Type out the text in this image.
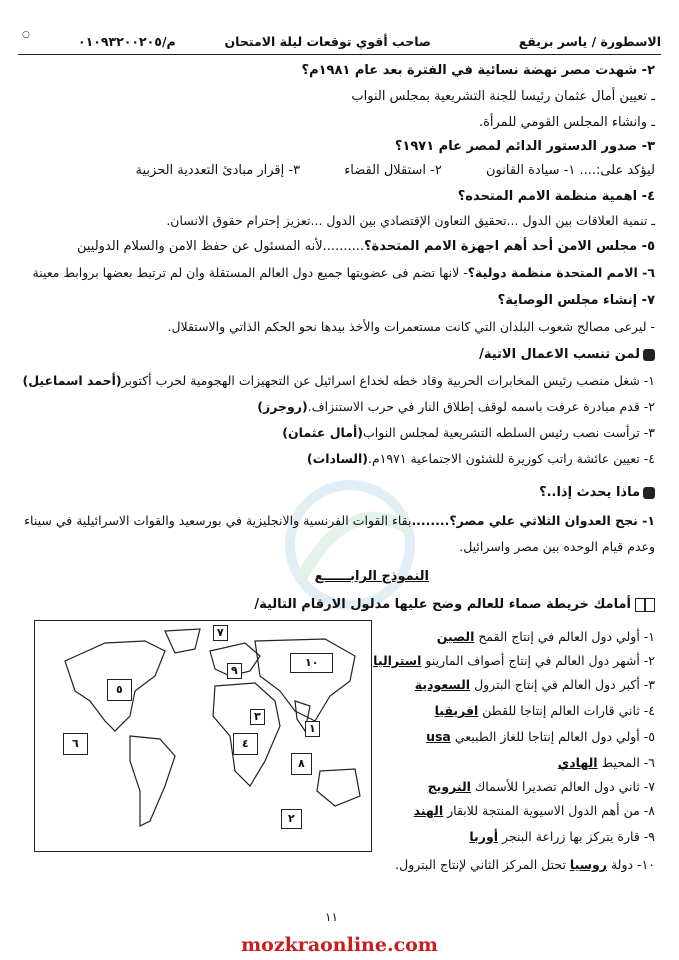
○	الاسطورة / ياسر بريقع
صاحب أقوي توقعات ليلة الامتحان
م/٠١٠٩٣٢٠٠٢٠٥
٢- شهدت مصر نهضة نسائية في الفترة بعد عام ١٩٨١م؟
ـ تعيين أمال عثمان رئيسا للجنة التشريعية بمجلس النواب
ـ وانشاء المجلس القومي للمرأة.
٣- صدور الدستور الدائم لمصر عام ١٩٧١؟
ليؤكد على:.... ١- سيادة القانون ٢- استقلال القضاء ٣- إقرار مبادئ التعددية الحزبية
٤- اهمية منظمة الامم المتحده؟
ـ تنمية العلاقات بين الدول ...تحقيق التعاون الإقتصادي بين الدول ...تعزيز إحترام حقوق الانسان.
٥- مجلس الامن أحد أهم اجهزة الامم المتحدة؟..........لأنه المسئول عن حفظ الامن والسلام الدوليين
٦- الامم المتحدة منظمة دولية؟- لانها تضم فى عضويتها جميع دول العالم المستقلة وان لم ترتبط بعضها بروابط معينة
٧- إنشاء مجلس الوصاية؟
- ليرعى مصالح شعوب البلدان التي كانت مستعمرات والأخذ بيدها نحو الحكم الذاتي والاستقلال.
لمن تنسب الاعمال الاتية/
١- شغل منصب رئيس المخابرات الحربية وقاد خطه لخداع اسرائيل عن التجهيزات الهجومية لحرب أكتوبر(أحمد اسماعيل)
٢- قدم مبادرة عرفت باسمه لوقف إطلاق النار في حرب الاستنزاف.(روجرز)
٣- ترأست نصب رئيس السلطه التشريعية لمجلس النواب(أمال عثمان)
٤- تعيين عائشة راتب كوزيرة للشئون الاجتماعية ١٩٧١م.(السادات)
ماذا يحدث إذا..؟
١- نجح العدوان الثلاثي علي مصر؟........بقاء القوات الفرنسية والانجليزية في بورسعيد والقوات الاسرائيلية في سيناء
وعدم قيام الوحده بين مصر واسرائيل.
النموذج الرابــــــع
أمامك خريطة صماء للعالم وضح عليها مدلول الارقام التالية/
٧
١٠
٥
٩
٣
٤
١
٦
٨
٢
١- أولي دول العالم في إنتاج القمح الصين
٢- أشهر دول العالم في إنتاج أصواف المارينو استراليا
٣- أكبر دول العالم في إنتاج البترول السعودية
٤- ثاني قارات العالم إنتاجا للقطن افريقيا
٥- أولي دول العالم إنتاجا للغاز الطبيعي usa
٦- المحيط الهادي
٧- ثاني دول العالم تصديرا للأسماك النرويج
٨- من أهم الدول الاسيوية المنتجة للابقار الهند
٩- قارة يتركز بها زراعة البنجر أوربا
١٠- دولة روسيا تحتل المركز الثاني لإنتاج البترول.
١١
mozkraonline.com
